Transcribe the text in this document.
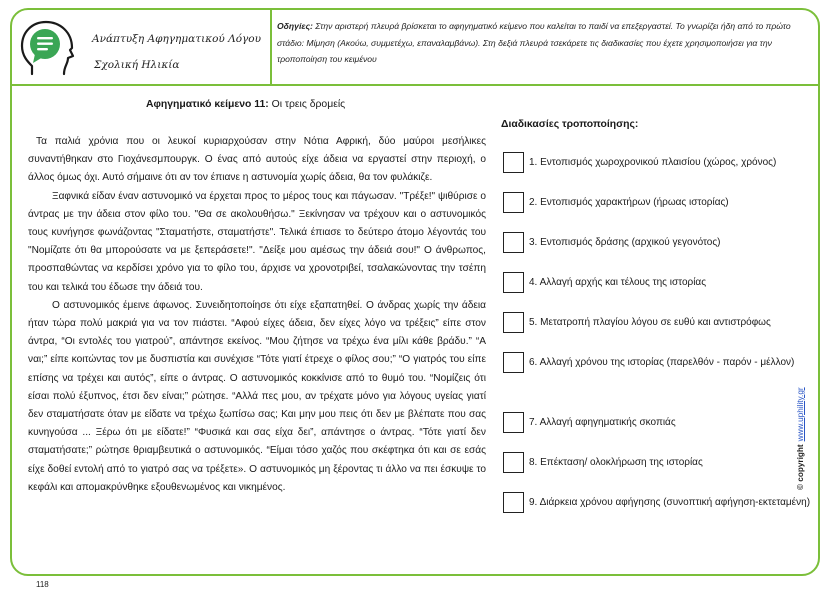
Ανάπτυξη Αφηγηματικού Λόγου
Σχολική Ηλικία
Οδηγίες: Στην αριστερή πλευρά βρίσκεται το αφηγηματικό κείμενο που καλείται το παιδί να επεξεργαστεί. Το γνωρίζει ήδη από το πρώτο στάδιο: Μίμηση (Ακούω, συμμετέχω, επαναλαμβάνω). Στη δεξιά πλευρά τσεκάρετε τις διαδικασίες που έχετε χρησιμοποιήσει για την τροποποίηση του κειμένου
Αφηγηματικό κείμενο 11: Οι τρεις δρομείς

Τα παλιά χρόνια που οι λευκοί κυριαρχούσαν στην Νότια Αφρική, δύο μαύροι μεσήλικες συναντήθηκαν στο Γιοχάνεσμπουργκ. Ο ένας από αυτούς είχε άδεια να εργαστεί στην περιοχή, ο άλλος όμως όχι. Αυτό σήμαινε ότι αν τον έπιανε η αστυνομία χωρίς άδεια, θα τον φυλάκιζε.

Ξαφνικά είδαν έναν αστυνομικό να έρχεται προς το μέρος τους και πάγωσαν. "Τρέξε!" ψιθύρισε ο άντρας με την άδεια στον φίλο του. "Θα σε ακολουθήσω." Ξεκίνησαν να τρέχουν και ο αστυνομικός τους κυνήγησε φωνάζοντας "Σταματήστε, σταματήστε". Τελικά έπιασε το δεύτερο άτομο λέγοντάς του "Νομίζατε ότι θα μπορούσατε να με ξεπεράσετε!". "Δείξε μου αμέσως την άδειά σου!" Ο άνθρωπος, προσπαθώντας να κερδίσει χρόνο για το φίλο του, άρχισε να χρονοτριβεί, τσαλακώνοντας την τσέπη του και τελικά του έδωσε την άδειά του.

Ο αστυνομικός έμεινε άφωνος. Συνειδητοποίησε ότι είχε εξαπατηθεί. Ο άνδρας χωρίς την άδεια ήταν τώρα πολύ μακριά για να τον πιάστει. “Αφού είχες άδεια, δεν είχες λόγο να τρέξεις” είπε στον άντρα, “Οι εντολές του γιατρού”, απάντησε εκείνος. “Μου ζήτησε να τρέχω ένα μίλι κάθε βράδυ.” “Α ναι;” είπε κοιτώντας τον με δυσπιστία και συνέχισε “Τότε γιατί έτρεχε ο φίλος σου;” “Ο γιατρός του είπε επίσης να τρέχει και αυτός”, είπε ο άντρας. Ο αστυνομικός κοκκίνισε από το θυμό του. “Νομίζεις ότι είσαι πολύ έξυπνος, έτσι δεν είναι;” ρώτησε. “Αλλά πες μου, αν τρέχατε μόνο για λόγους υγείας γιατί δεν σταματήσατε όταν με είδατε να τρέχω ξωπίσω σας; Και μην μου πεις ότι δεν με βλέπατε που σας κυνηγούσα ... Ξέρω ότι με είδατε!” “Φυσικά και σας είχα δει”, απάντησε ο άντρας. “Τότε γιατί δεν σταματήσατε;” ρώτησε θριαμβευτικά ο αστυνομικός. “Είμαι τόσο χαζός που σκέφτηκα ότι και σε εσάς είχε δοθεί εντολή από το γιατρό σας να τρέξετε». Ο αστυνομικός μη ξέροντας τι άλλο να πει έσκυψε το κεφάλι και απομακρύνθηκε εξουθενωμένος και νικημένος.

Διαδικασίες τροποποίησης:
1. Εντοπισμός χωροχρονικού πλαισίου (χώρος, χρόνος)
2. Εντοπισμός χαρακτήρων (ήρωας ιστορίας)
3. Εντοπισμός δράσης (αρχικού γεγονότος)
4. Αλλαγή αρχής και τέλους της ιστορίας
5. Μετατροπή πλαγίου λόγου σε ευθύ και αντιστρόφως
6. Αλλαγή χρόνου της ιστορίας (παρελθόν - παρόν - μέλλον)
7. Αλλαγή αφηγηματικής σκοπιάς
8. Επέκταση/ ολοκλήρωση της ιστορίας
9. Διάρκεια χρόνου αφήγησης (συνοπτική αφήγηση-εκτεταμένη)
© copyrightwww.uphility.gr
118
